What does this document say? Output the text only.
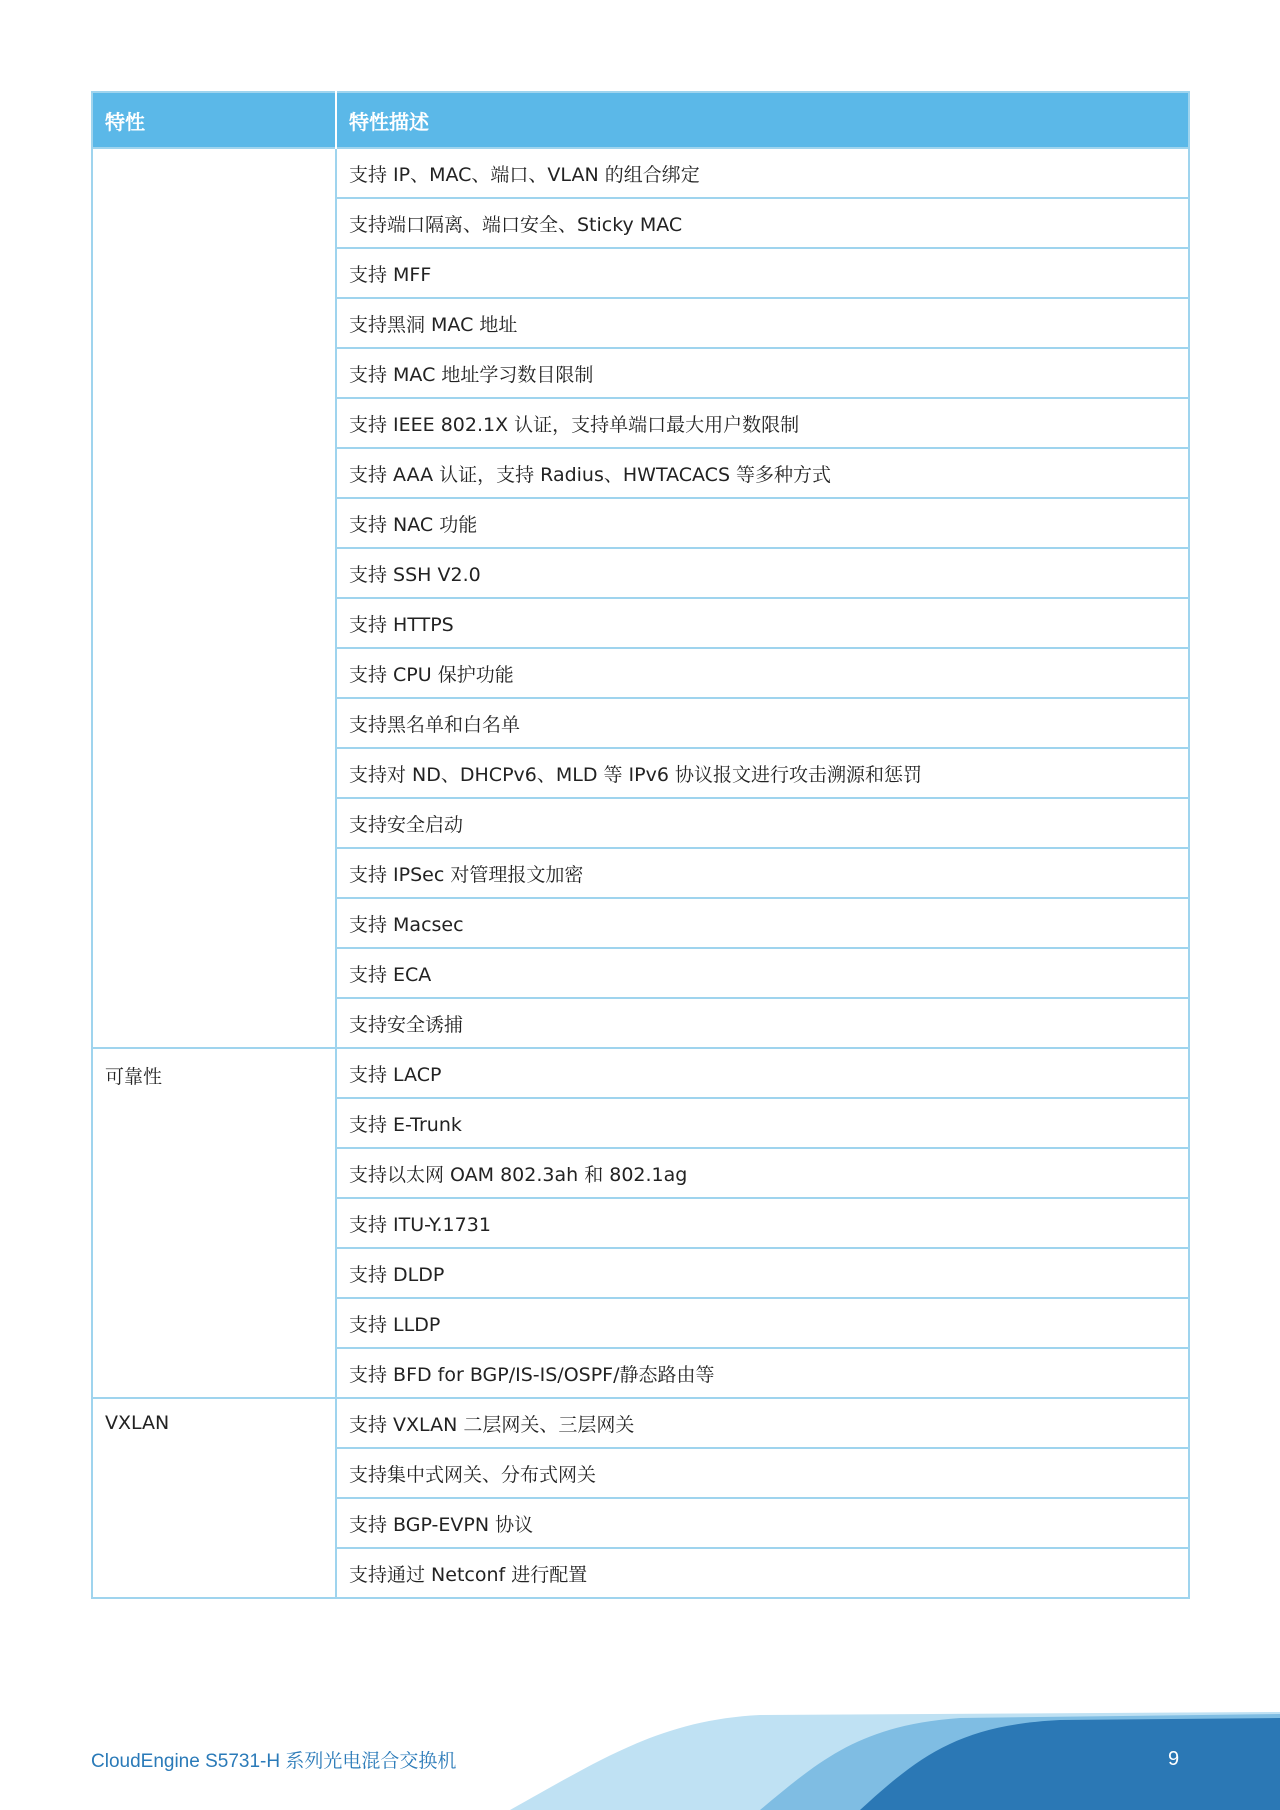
特性	特性描述
	支持 IP、MAC、端口、VLAN 的组合绑定
	支持端口隔离、端口安全、Sticky MAC
	支持 MFF
	支持黑洞 MAC 地址
	支持 MAC 地址学习数目限制
	支持 IEEE 802.1X 认证，支持单端口最大用户数限制
	支持 AAA 认证，支持 Radius、HWTACACS 等多种方式
	支持 NAC 功能
	支持 SSH V2.0
	支持 HTTPS
	支持 CPU 保护功能
	支持黑名单和白名单
	支持对 ND、DHCPv6、MLD 等 IPv6 协议报文进行攻击溯源和惩罚
	支持安全启动
	支持 IPSec 对管理报文加密
	支持 Macsec
	支持 ECA
	支持安全诱捕
可靠性	支持 LACP
	支持 E-Trunk
	支持以太网 OAM 802.3ah 和 802.1ag
	支持 ITU-Y.1731
	支持 DLDP
	支持 LLDP
	支持 BFD for BGP/IS-IS/OSPF/静态路由等
VXLAN	支持 VXLAN 二层网关、三层网关
	支持集中式网关、分布式网关
	支持 BGP-EVPN 协议
	支持通过 Netconf 进行配置
CloudEngine S5731-H 系列光电混合交换机	9
